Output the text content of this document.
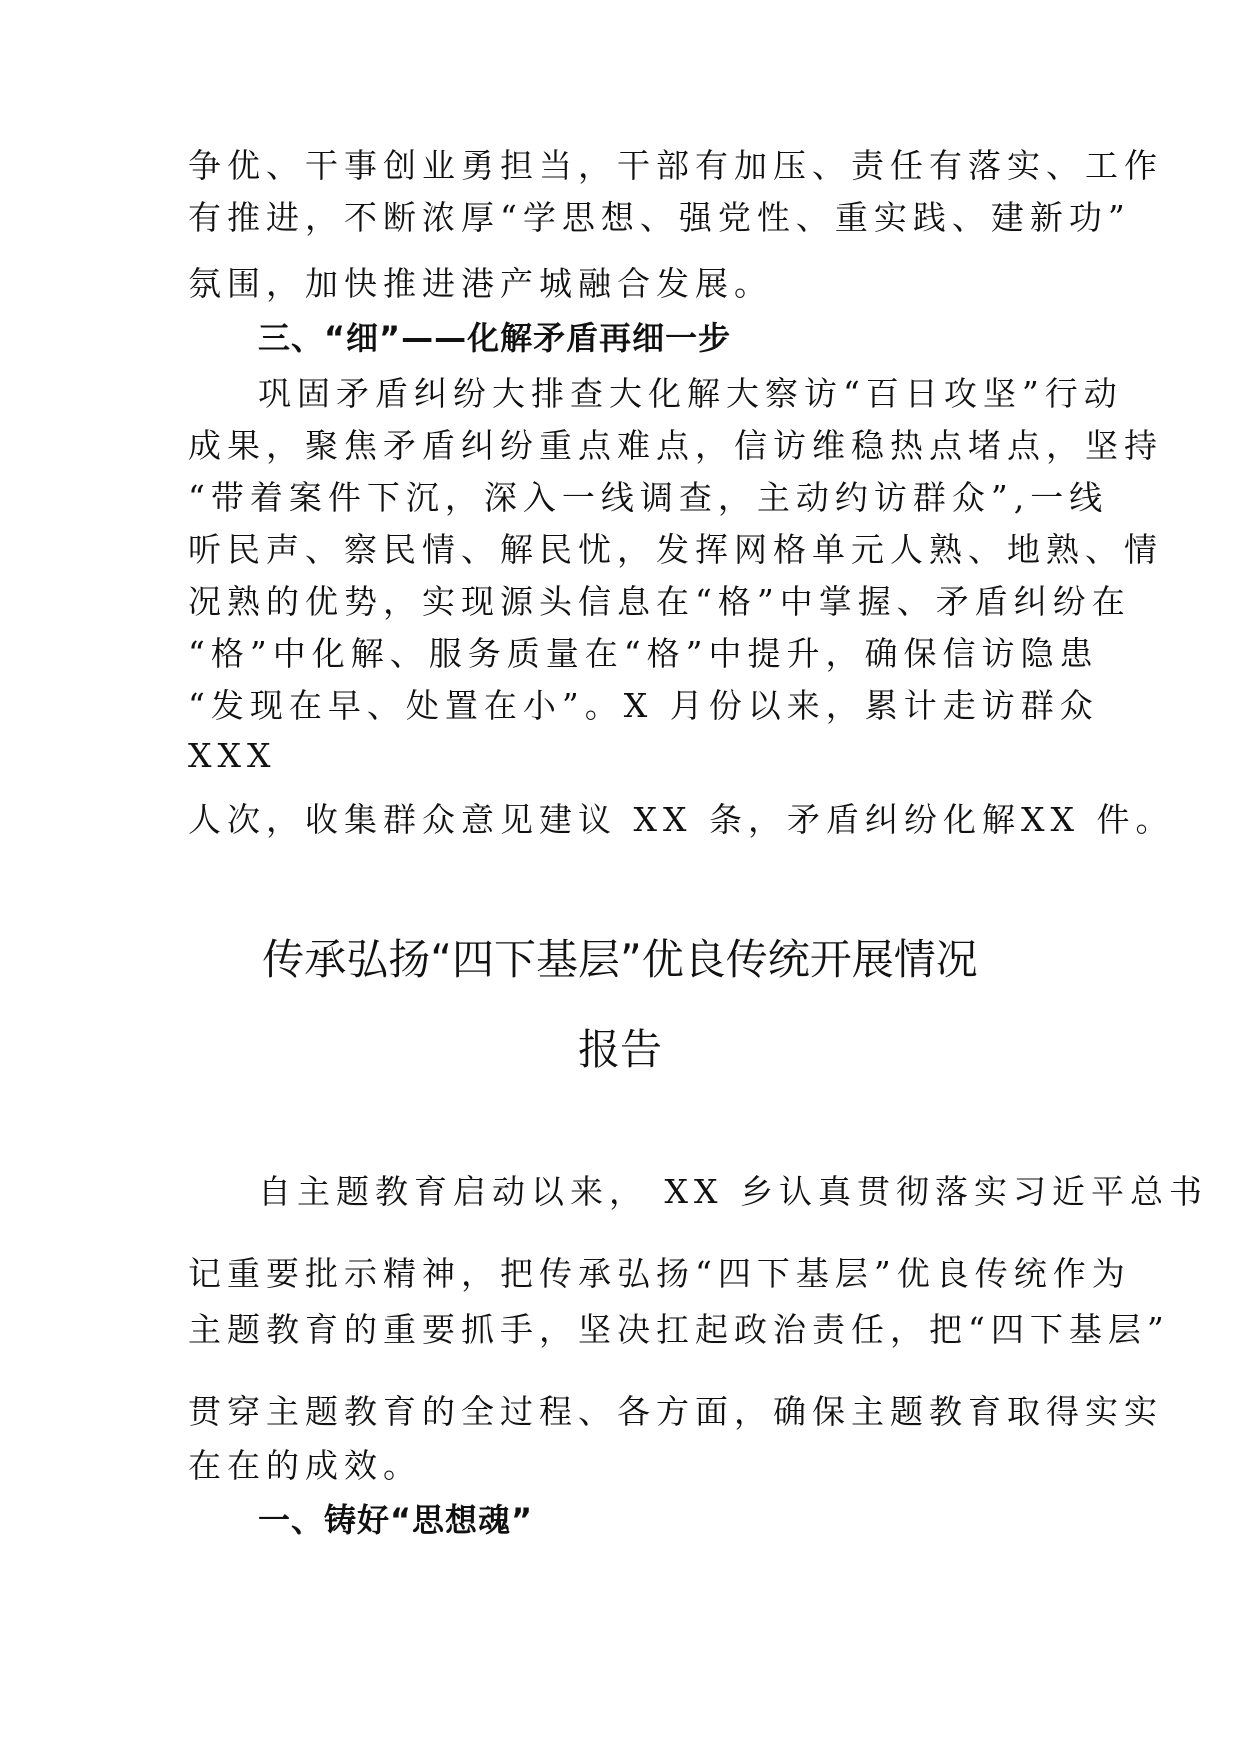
争优、干事创业勇担当，干部有加压、责任有落实、工作
有推进，不断浓厚“学思想、强党性、重实践、建新功”
氛围，加快推进港产城融合发展。
三、“细”——化解矛盾再细一步
巩固矛盾纠纷大排查大化解大察访“百日攻坚”行动
成果，聚焦矛盾纠纷重点难点，信访维稳热点堵点，坚持
“带着案件下沉，深入一线调查，主动约访群众”,一线
听民声、察民情、解民忧，发挥网格单元人熟、地熟、情
况熟的优势，实现源头信息在“格”中掌握、矛盾纠纷在
“格”中化解、服务质量在“格”中提升，确保信访隐患
“发现在早、处置在小”。X 月份以来，累计走访群众
XXX
人次，收集群众意见建议 XX 条，矛盾纠纷化解XX 件。
传承弘扬“四下基层”优良传统开展情况
报告
自主题教育启动以来， XX 乡认真贯彻落实习近平总书
记重要批示精神，把传承弘扬“四下基层”优良传统作为
主题教育的重要抓手，坚决扛起政治责任，把“四下基层”
贯穿主题教育的全过程、各方面，确保主题教育取得实实
在在的成效。
一、铸好“思想魂”
